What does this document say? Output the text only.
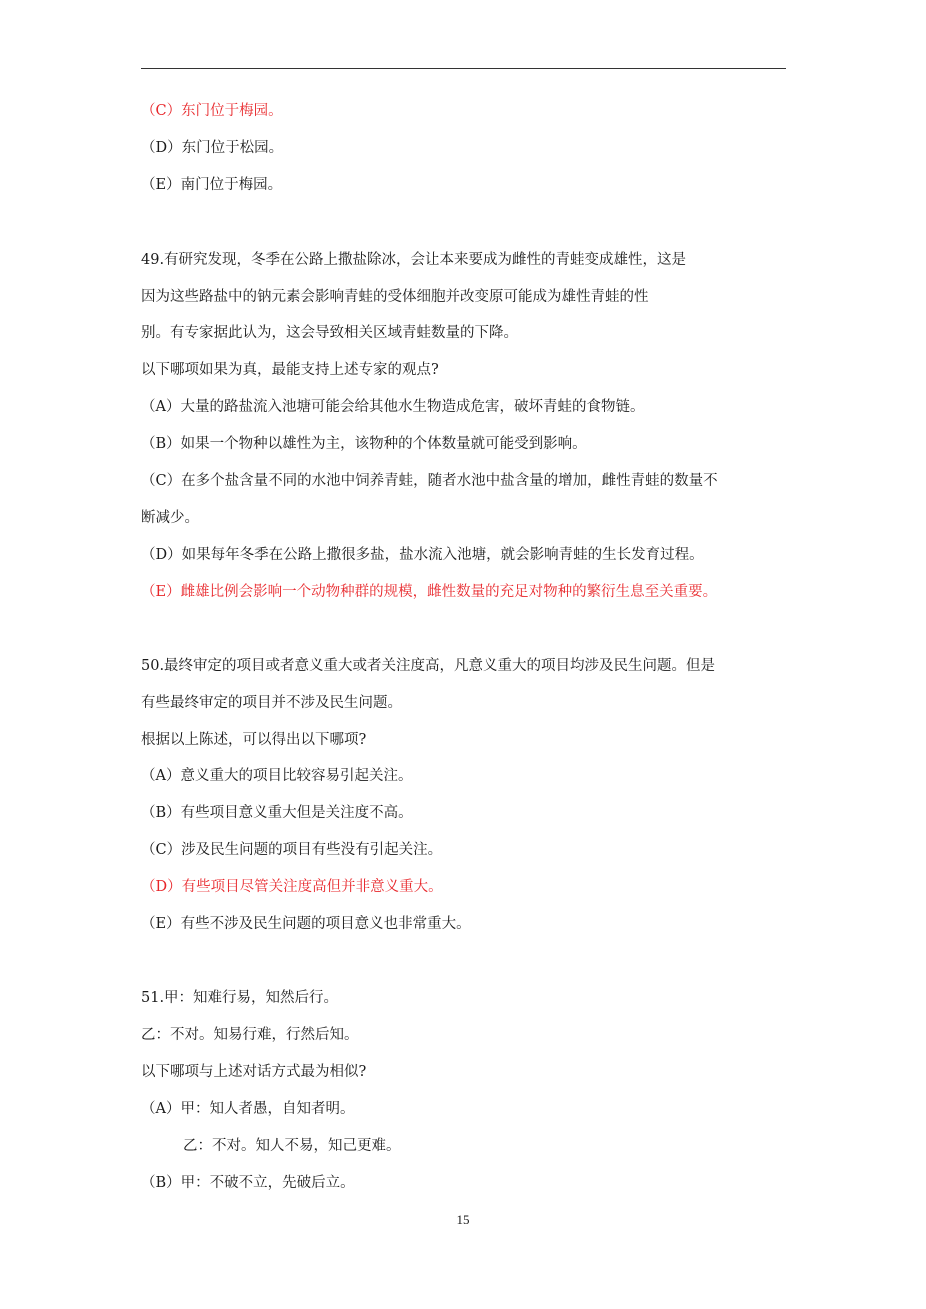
（C）东门位于梅园。
（D）东门位于松园。
（E）南门位于梅园。
49.有研究发现，冬季在公路上撒盐除冰，会让本来要成为雌性的青蛙变成雄性，这是
因为这些路盐中的钠元素会影响青蛙的受体细胞并改变原可能成为雄性青蛙的性
别。有专家据此认为，这会导致相关区域青蛙数量的下降。
以下哪项如果为真，最能支持上述专家的观点?
（A）大量的路盐流入池塘可能会给其他水生物造成危害，破坏青蛙的食物链。
（B）如果一个物种以雄性为主，该物种的个体数量就可能受到影响。
（C）在多个盐含量不同的水池中饲养青蛙，随者水池中盐含量的增加，雌性青蛙的数量不
断减少。
（D）如果每年冬季在公路上撒很多盐，盐水流入池塘，就会影响青蛙的生长发育过程。
（E）雌雄比例会影响一个动物种群的规模，雌性数量的充足对物种的繁衍生息至关重要。
50.最终审定的项目或者意义重大或者关注度高，凡意义重大的项目均涉及民生问题。但是
有些最终审定的项目并不涉及民生问题。
根据以上陈述，可以得出以下哪项?
（A）意义重大的项目比较容易引起关注。
（B）有些项目意义重大但是关注度不高。
（C）涉及民生问题的项目有些没有引起关注。
（D）有些项目尽管关注度高但并非意义重大。
（E）有些不涉及民生问题的项目意义也非常重大。
51.甲：知难行易，知然后行。
乙：不对。知易行难，行然后知。
以下哪项与上述对话方式最为相似?
（A）甲：知人者愚，自知者明。
乙：不对。知人不易，知己更难。
（B）甲：不破不立，先破后立。
15
